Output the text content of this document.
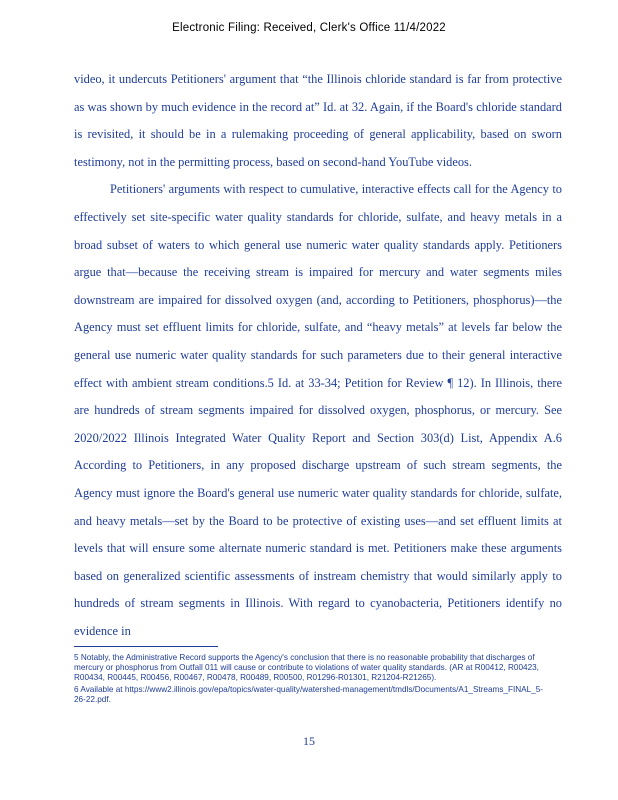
Electronic Filing: Received, Clerk's Office 11/4/2022

video, it undercuts Petitioners' argument that “the Illinois chloride standard is far from protective as was shown by much evidence in the record at” Id. at 32. Again, if the Board's chloride standard is revisited, it should be in a rulemaking proceeding of general applicability, based on sworn testimony, not in the permitting process, based on second-hand YouTube videos.

Petitioners' arguments with respect to cumulative, interactive effects call for the Agency to effectively set site-specific water quality standards for chloride, sulfate, and heavy metals in a broad subset of waters to which general use numeric water quality standards apply. Petitioners argue that—because the receiving stream is impaired for mercury and water segments miles downstream are impaired for dissolved oxygen (and, according to Petitioners, phosphorus)—the Agency must set effluent limits for chloride, sulfate, and “heavy metals” at levels far below the general use numeric water quality standards for such parameters due to their general interactive effect with ambient stream conditions.5 Id. at 33-34; Petition for Review ¶ 12). In Illinois, there are hundreds of stream segments impaired for dissolved oxygen, phosphorus, or mercury. See 2020/2022 Illinois Integrated Water Quality Report and Section 303(d) List, Appendix A.6 According to Petitioners, in any proposed discharge upstream of such stream segments, the Agency must ignore the Board's general use numeric water quality standards for chloride, sulfate, and heavy metals—set by the Board to be protective of existing uses—and set effluent limits at levels that will ensure some alternate numeric standard is met. Petitioners make these arguments based on generalized scientific assessments of instream chemistry that would similarly apply to hundreds of stream segments in Illinois. With regard to cyanobacteria, Petitioners identify no evidence in

5 Notably, the Administrative Record supports the Agency's conclusion that there is no reasonable probability that discharges of mercury or phosphorus from Outfall 011 will cause or contribute to violations of water quality standards. (AR at R00412, R00423, R00434, R00445, R00456, R00467, R00478, R00489, R00500, R01296-R01301, R21204-R21265).

6 Available at https://www2.illinois.gov/epa/topics/water-quality/watershed-management/tmdls/Documents/A1_Streams_FINAL_5-26-22.pdf.

15
